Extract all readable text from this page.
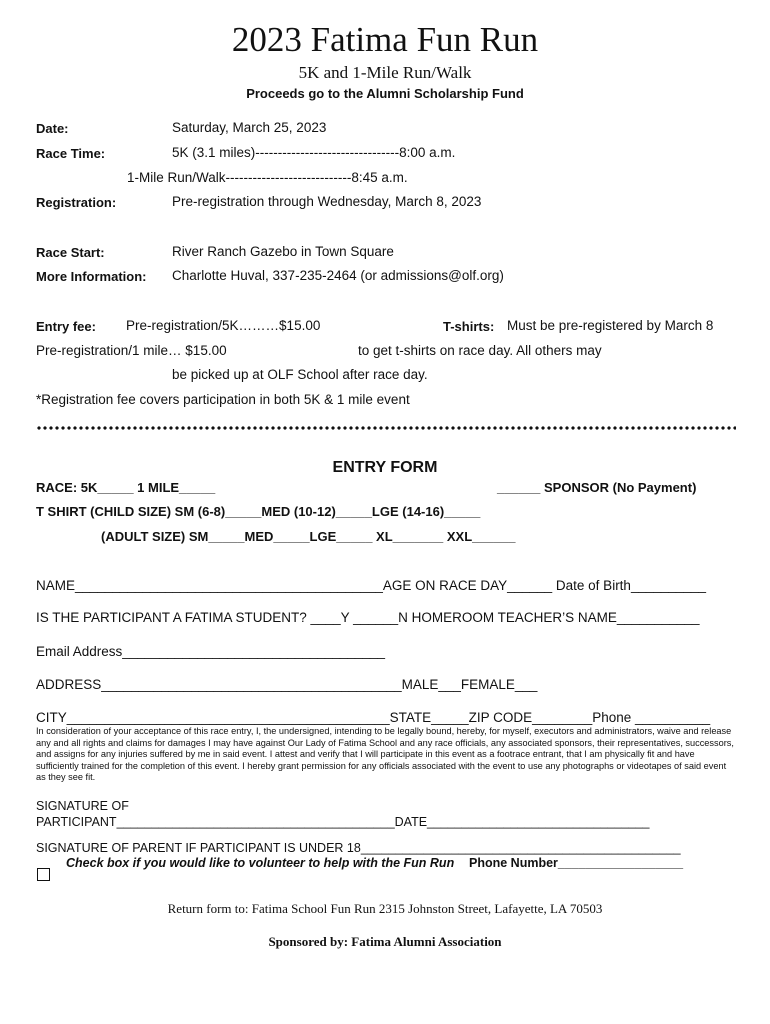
2023 Fatima Fun Run
5K and 1-Mile Run/Walk
Proceeds go to the Alumni Scholarship Fund
Date:	Saturday, March 25, 2023
Race Time:	5K (3.1 miles)--------------------------------8:00 a.m.
1-Mile Run/Walk----------------------------8:45 a.m.
Registration:	Pre-registration through Wednesday, March 8, 2023
Race Start:	River Ranch Gazebo in Town Square
More Information: Charlotte Huval, 337-235-2464 (or admissions@olf.org)
Entry fee: Pre-registration/5K………$15.00
Pre-registration/1 mile… $15.00
T-shirts: Must be pre-registered by March 8
to get t-shirts on race day. All others may
be picked up at OLF School after race day.
*Registration fee covers participation in both 5K & 1 mile event
ENTRY FORM
RACE: 5K_____ 1 MILE_____	______ SPONSOR (No Payment)
T SHIRT (CHILD SIZE) SM (6-8)_____MED (10-12)_____LGE (14-16)_____
(ADULT SIZE) SM_____MED_____LGE_____ XL_______ XXL______
NAME_________________________________________AGE ON RACE DAY______ Date of Birth__________
IS THE PARTICIPANT A FATIMA STUDENT? ____Y ______N HOMEROOM TEACHER’S NAME___________
Email Address___________________________________
ADDRESS________________________________________MALE___FEMALE___
CITY___________________________________________STATE_____ZIP CODE________Phone __________
In consideration of your acceptance of this race entry, I, the undersigned, intending to be legally bound, hereby, for myself, executors and administrators, waive and release any and all rights and claims for damages I may have against Our Lady of Fatima School and any race officials, any associated sponsors, their representatives, successors, and assigns for any injuries suffered by me in said event. I attest and verify that I will participate in this event as a footrace entrant, that I am physically fit and have sufficiently trained for the completion of this event. I hereby grant permission for any officials associated with the event to use any photographs or videotapes of said event as they see fit.
SIGNATURE OF
PARTICIPANT________________________________________DATE________________________________
SIGNATURE OF PARENT IF PARTICIPANT IS UNDER 18______________________________________________
Check box if you would like to volunteer to help with the Fun Run Phone Number__________________
Return form to: Fatima School Fun Run 2315 Johnston Street, Lafayette, LA 70503
Sponsored by: Fatima Alumni Association
